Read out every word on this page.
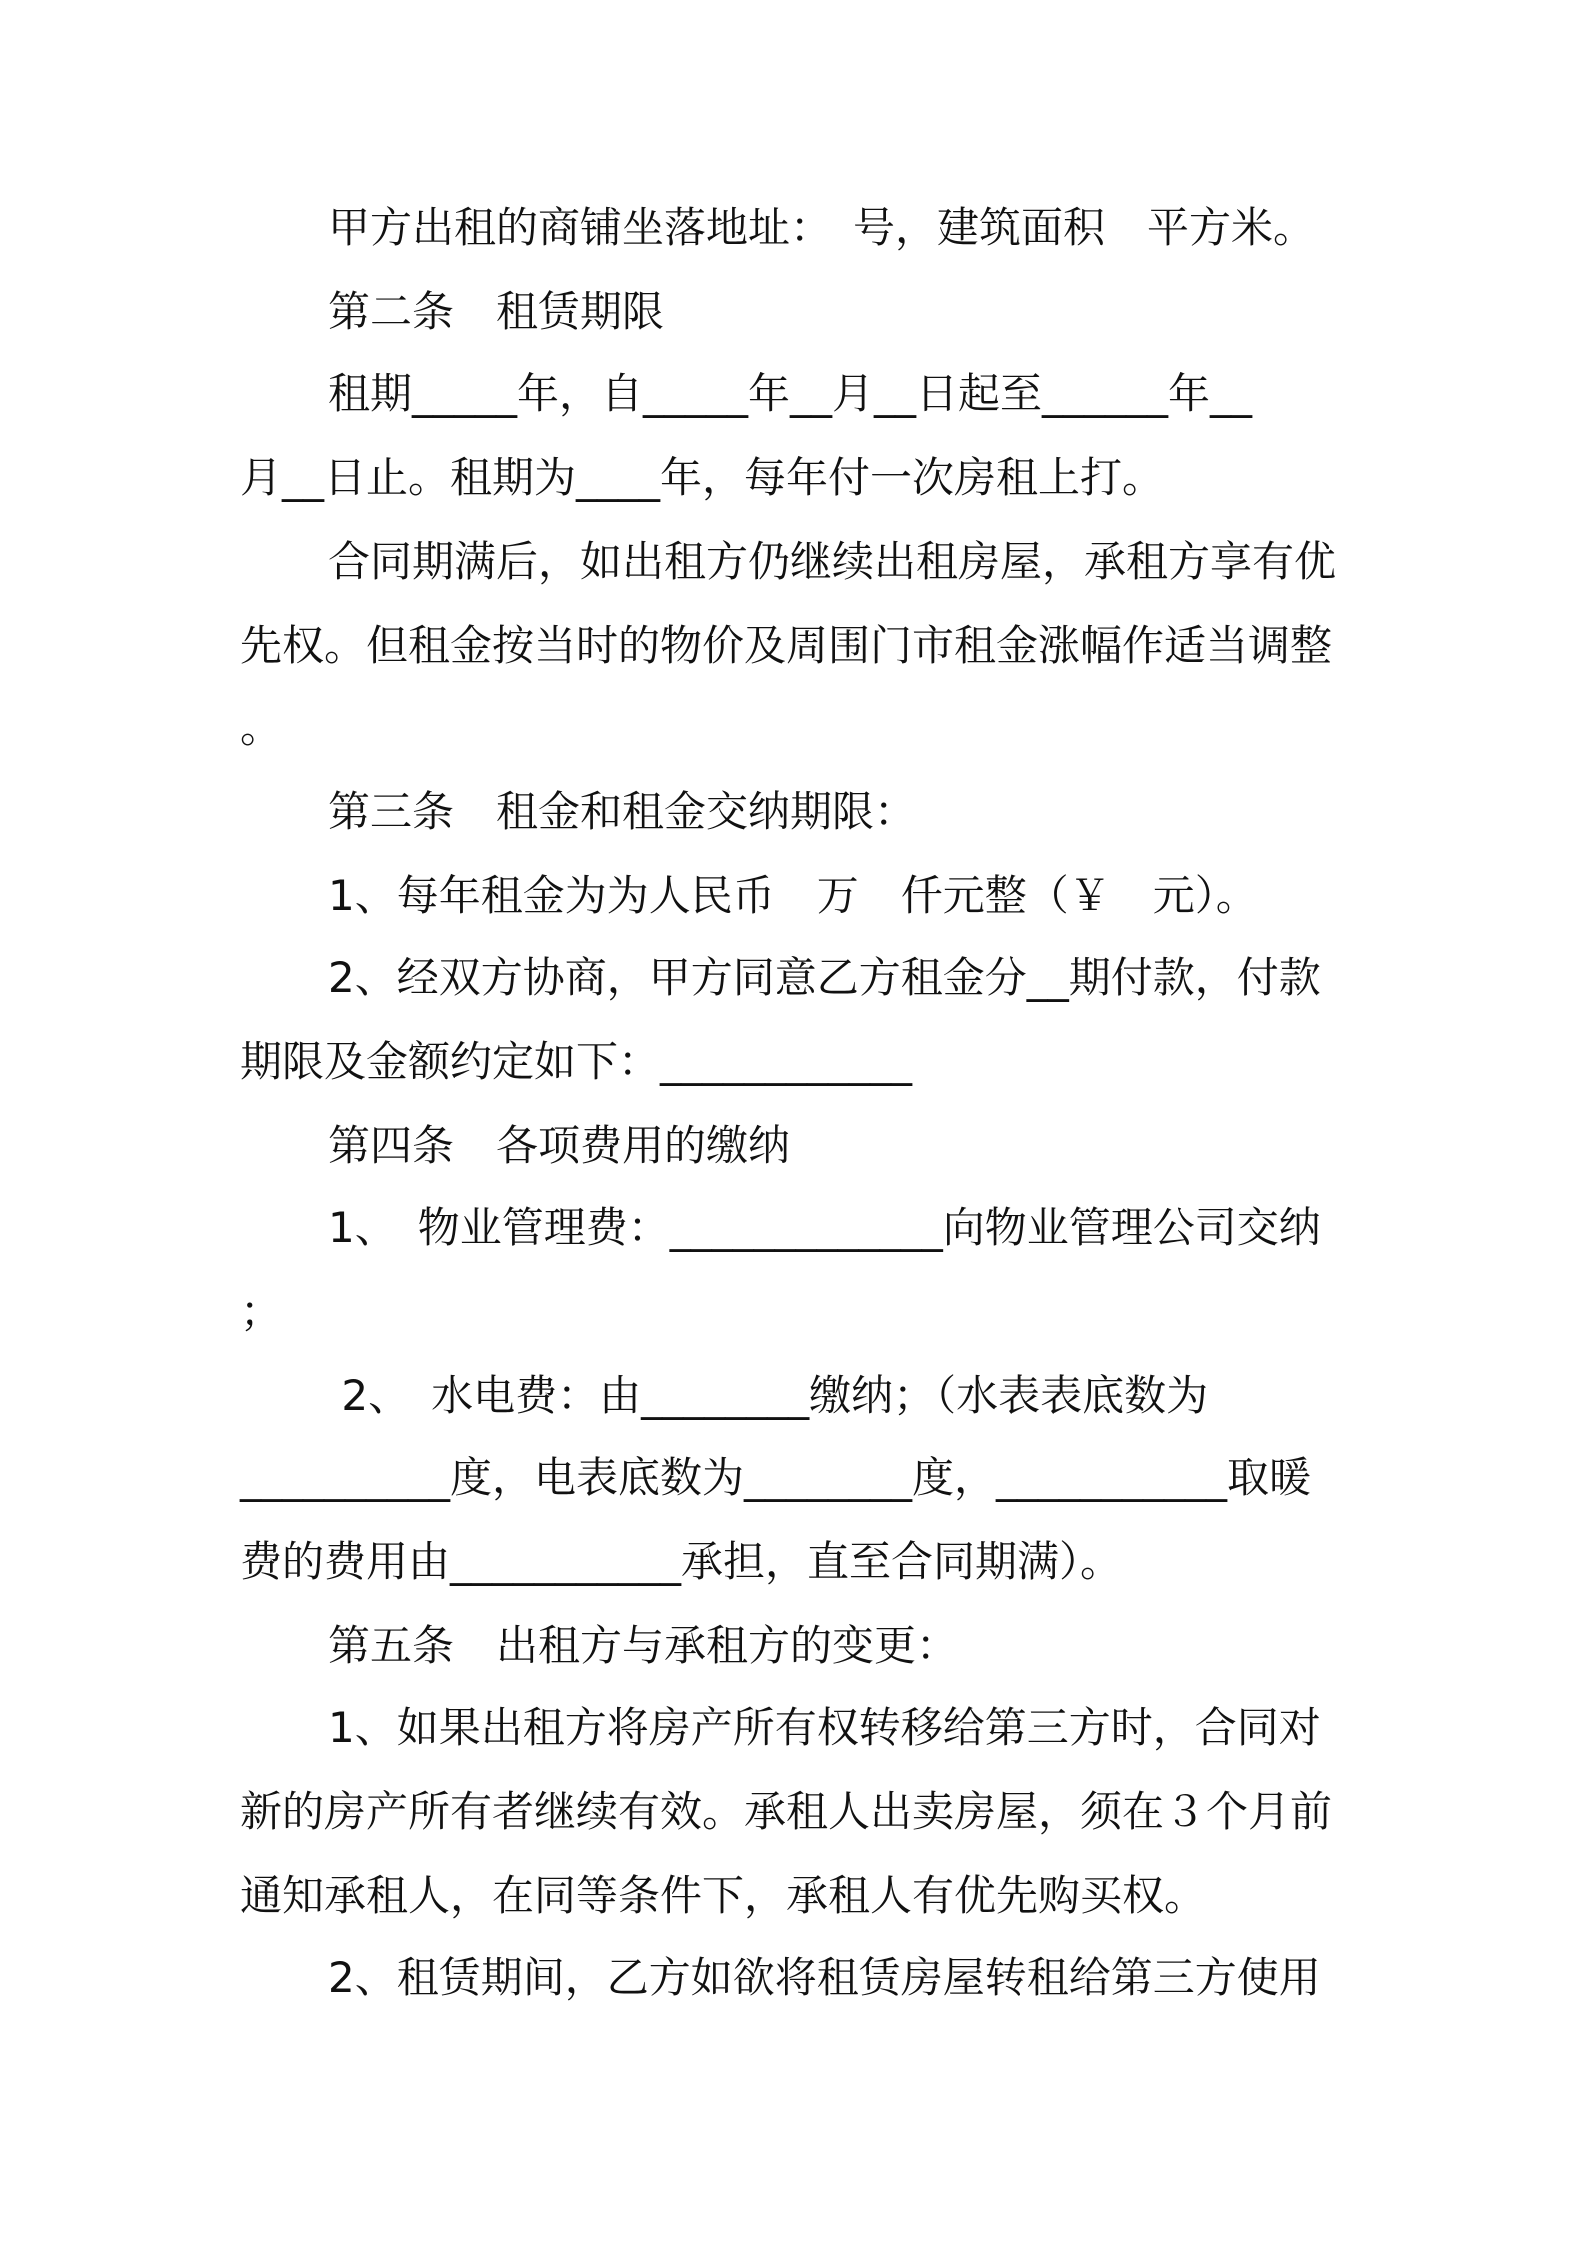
甲方出租的商铺坐落地址：　号，建筑面积　平方米。
第二条　租赁期限
租期_____年，自_____年__月__日起至______年__
月__日止。租期为____年，每年付一次房租上打。
合同期满后，如出租方仍继续出租房屋，承租方享有优
先权。但租金按当时的物价及周围门市租金涨幅作适当调整
。
第三条　租金和租金交纳期限：
1、每年租金为为人民币　万　仟元整（￥　元）。
2、经双方协商，甲方同意乙方租金分__期付款，付款
期限及金额约定如下：____________
第四条　各项费用的缴纳
1、　物业管理费：_____________向物业管理公司交纳
；
2、　水电费：由________缴纳；（水表表底数为
__________度，电表底数为________度，___________取暖
费的费用由___________承担，直至合同期满）。
第五条　出租方与承租方的变更：
1、如果出租方将房产所有权转移给第三方时，合同对
新的房产所有者继续有效。承租人出卖房屋，须在３个月前
通知承租人，在同等条件下，承租人有优先购买权。
2、租赁期间，乙方如欲将租赁房屋转租给第三方使用
